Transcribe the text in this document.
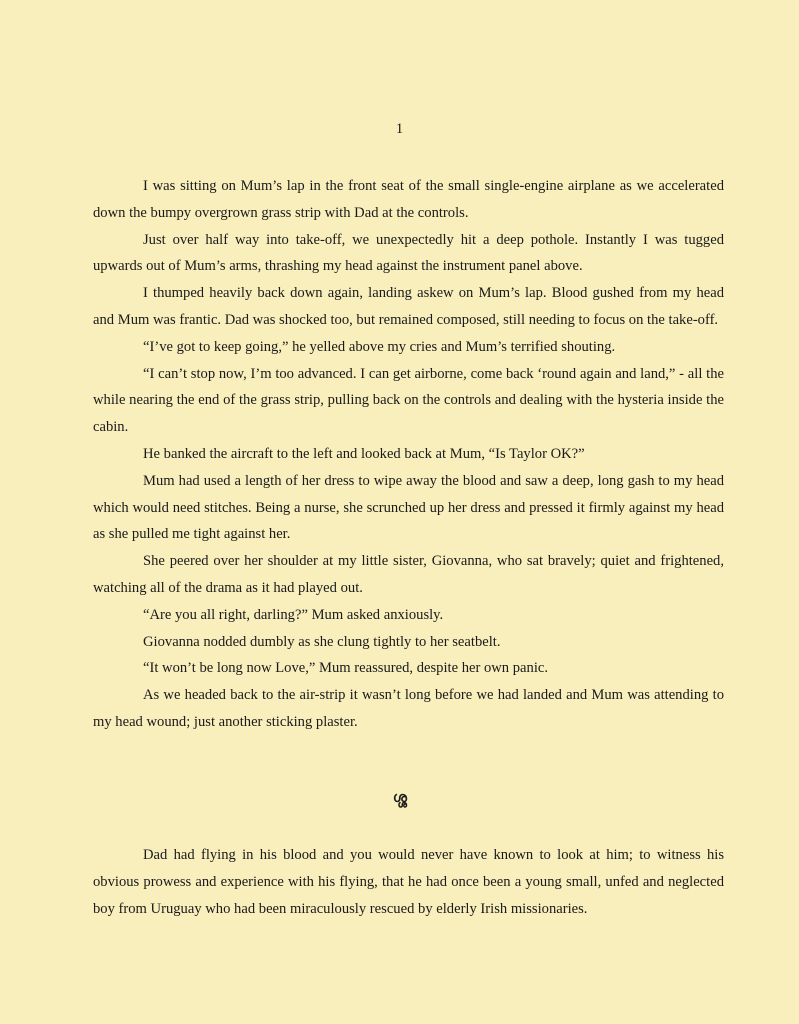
1

I was sitting on Mum’s lap in the front seat of the small single-engine airplane as we accelerated down the bumpy overgrown grass strip with Dad at the controls.

Just over half way into take-off, we unexpectedly hit a deep pothole. Instantly I was tugged upwards out of Mum’s arms, thrashing my head against the instrument panel above.

I thumped heavily back down again, landing askew on Mum’s lap. Blood gushed from my head and Mum was frantic. Dad was shocked too, but remained composed, still needing to focus on the take-off.

“I’ve got to keep going,” he yelled above my cries and Mum’s terrified shouting.

“I can’t stop now, I’m too advanced. I can get airborne, come back ‘round again and land,” - all the while nearing the end of the grass strip, pulling back on the controls and dealing with the hysteria inside the cabin.

He banked the aircraft to the left and looked back at Mum, “Is Taylor OK?”

Mum had used a length of her dress to wipe away the blood and saw a deep, long gash to my head which would need stitches. Being a nurse, she scrunched up her dress and pressed it firmly against my head as she pulled me tight against her.

She peered over her shoulder at my little sister, Giovanna, who sat bravely; quiet and frightened, watching all of the drama as it had played out.

“Are you all right, darling?” Mum asked anxiously.

Giovanna nodded dumbly as she clung tightly to her seatbelt.

“It won’t be long now Love,” Mum reassured, despite her own panic.

As we headed back to the air-strip it wasn’t long before we had landed and Mum was attending to my head wound; just another sticking plaster.

ശ്ശ

Dad had flying in his blood and you would never have known to look at him; to witness his obvious prowess and experience with his flying, that he had once been a young small, unfed and neglected boy from Uruguay who had been miraculously rescued by elderly Irish missionaries.
